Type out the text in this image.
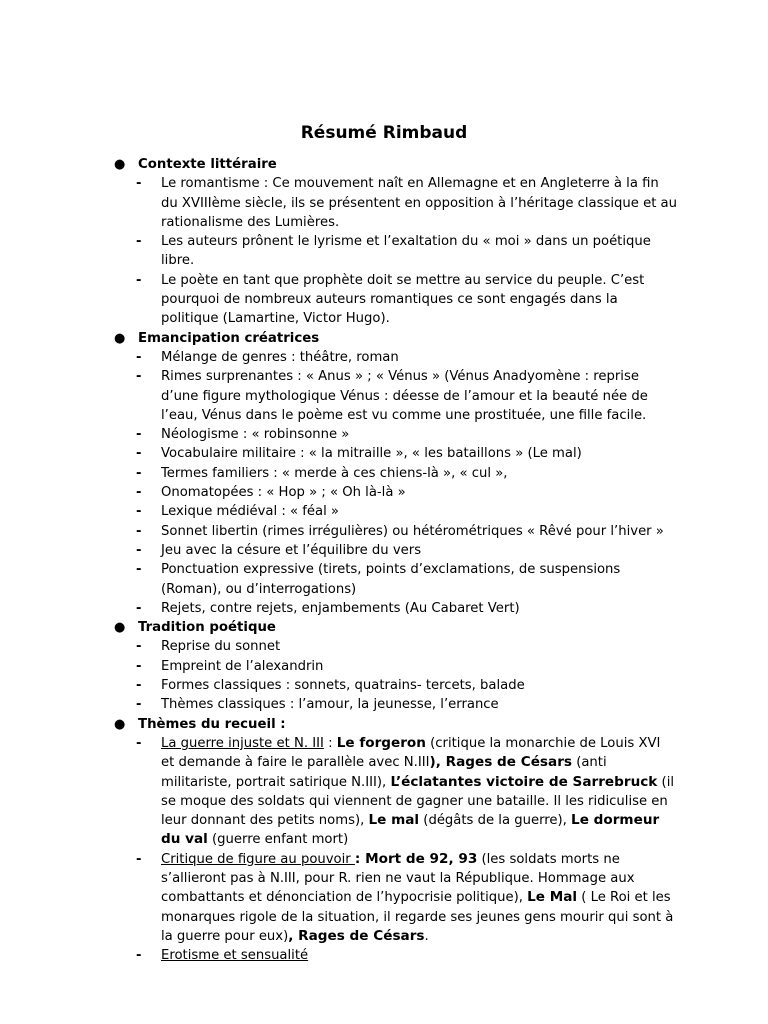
Résumé Rimbaud
● Contexte littéraire
- Le romantisme : Ce mouvement naît en Allemagne et en Angleterre à la fin du XVIIIème siècle, ils se présentent en opposition à l’héritage classique et au rationalisme des Lumières.
- Les auteurs prônent le lyrisme et l’exaltation du « moi » dans un poétique libre.
- Le poète en tant que prophète doit se mettre au service du peuple. C’est pourquoi de nombreux auteurs romantiques ce sont engagés dans la politique (Lamartine, Victor Hugo).
● Emancipation créatrices
- Mélange de genres : théâtre, roman
- Rimes surprenantes : « Anus » ; « Vénus » (Vénus Anadyomène : reprise d’une figure mythologique Vénus : déesse de l’amour et la beauté née de l’eau, Vénus dans le poème est vu comme une prostituée, une fille facile.
- Néologisme : « robinsonne »
- Vocabulaire militaire : « la mitraille », « les bataillons » (Le mal)
- Termes familiers : « merde à ces chiens-là », « cul »,
- Onomatopées : « Hop » ; « Oh là-là »
- Lexique médiéval : « féal »
- Sonnet libertin (rimes irrégulières) ou hétérométriques « Rêvé pour l’hiver »
- Jeu avec la césure et l’équilibre du vers
- Ponctuation expressive (tirets, points d’exclamations, de suspensions (Roman), ou d’interrogations)
- Rejets, contre rejets, enjambements (Au Cabaret Vert)
● Tradition poétique
- Reprise du sonnet
- Empreint de l’alexandrin
- Formes classiques : sonnets, quatrains- tercets, balade
- Thèmes classiques : l’amour, la jeunesse, l’errance
● Thèmes du recueil :
- La guerre injuste et N. III : Le forgeron (critique la monarchie de Louis XVI et demande à faire le parallèle avec N.III), Rages de Césars (anti militariste, portrait satirique N.III), L’éclatantes victoire de Sarrebruck (il se moque des soldats qui viennent de gagner une bataille. Il les ridiculise en leur donnant des petits noms), Le mal (dégâts de la guerre), Le dormeur du val (guerre enfant mort)
- Critique de figure au pouvoir : Mort de 92, 93 (les soldats morts ne s’allieront pas à N.III, pour R. rien ne vaut la République. Hommage aux combattants et dénonciation de l’hypocrisie politique), Le Mal ( Le Roi et les monarques rigole de la situation, il regarde ses jeunes gens mourir qui sont à la guerre pour eux), Rages de Césars.
- Erotisme et sensualité
